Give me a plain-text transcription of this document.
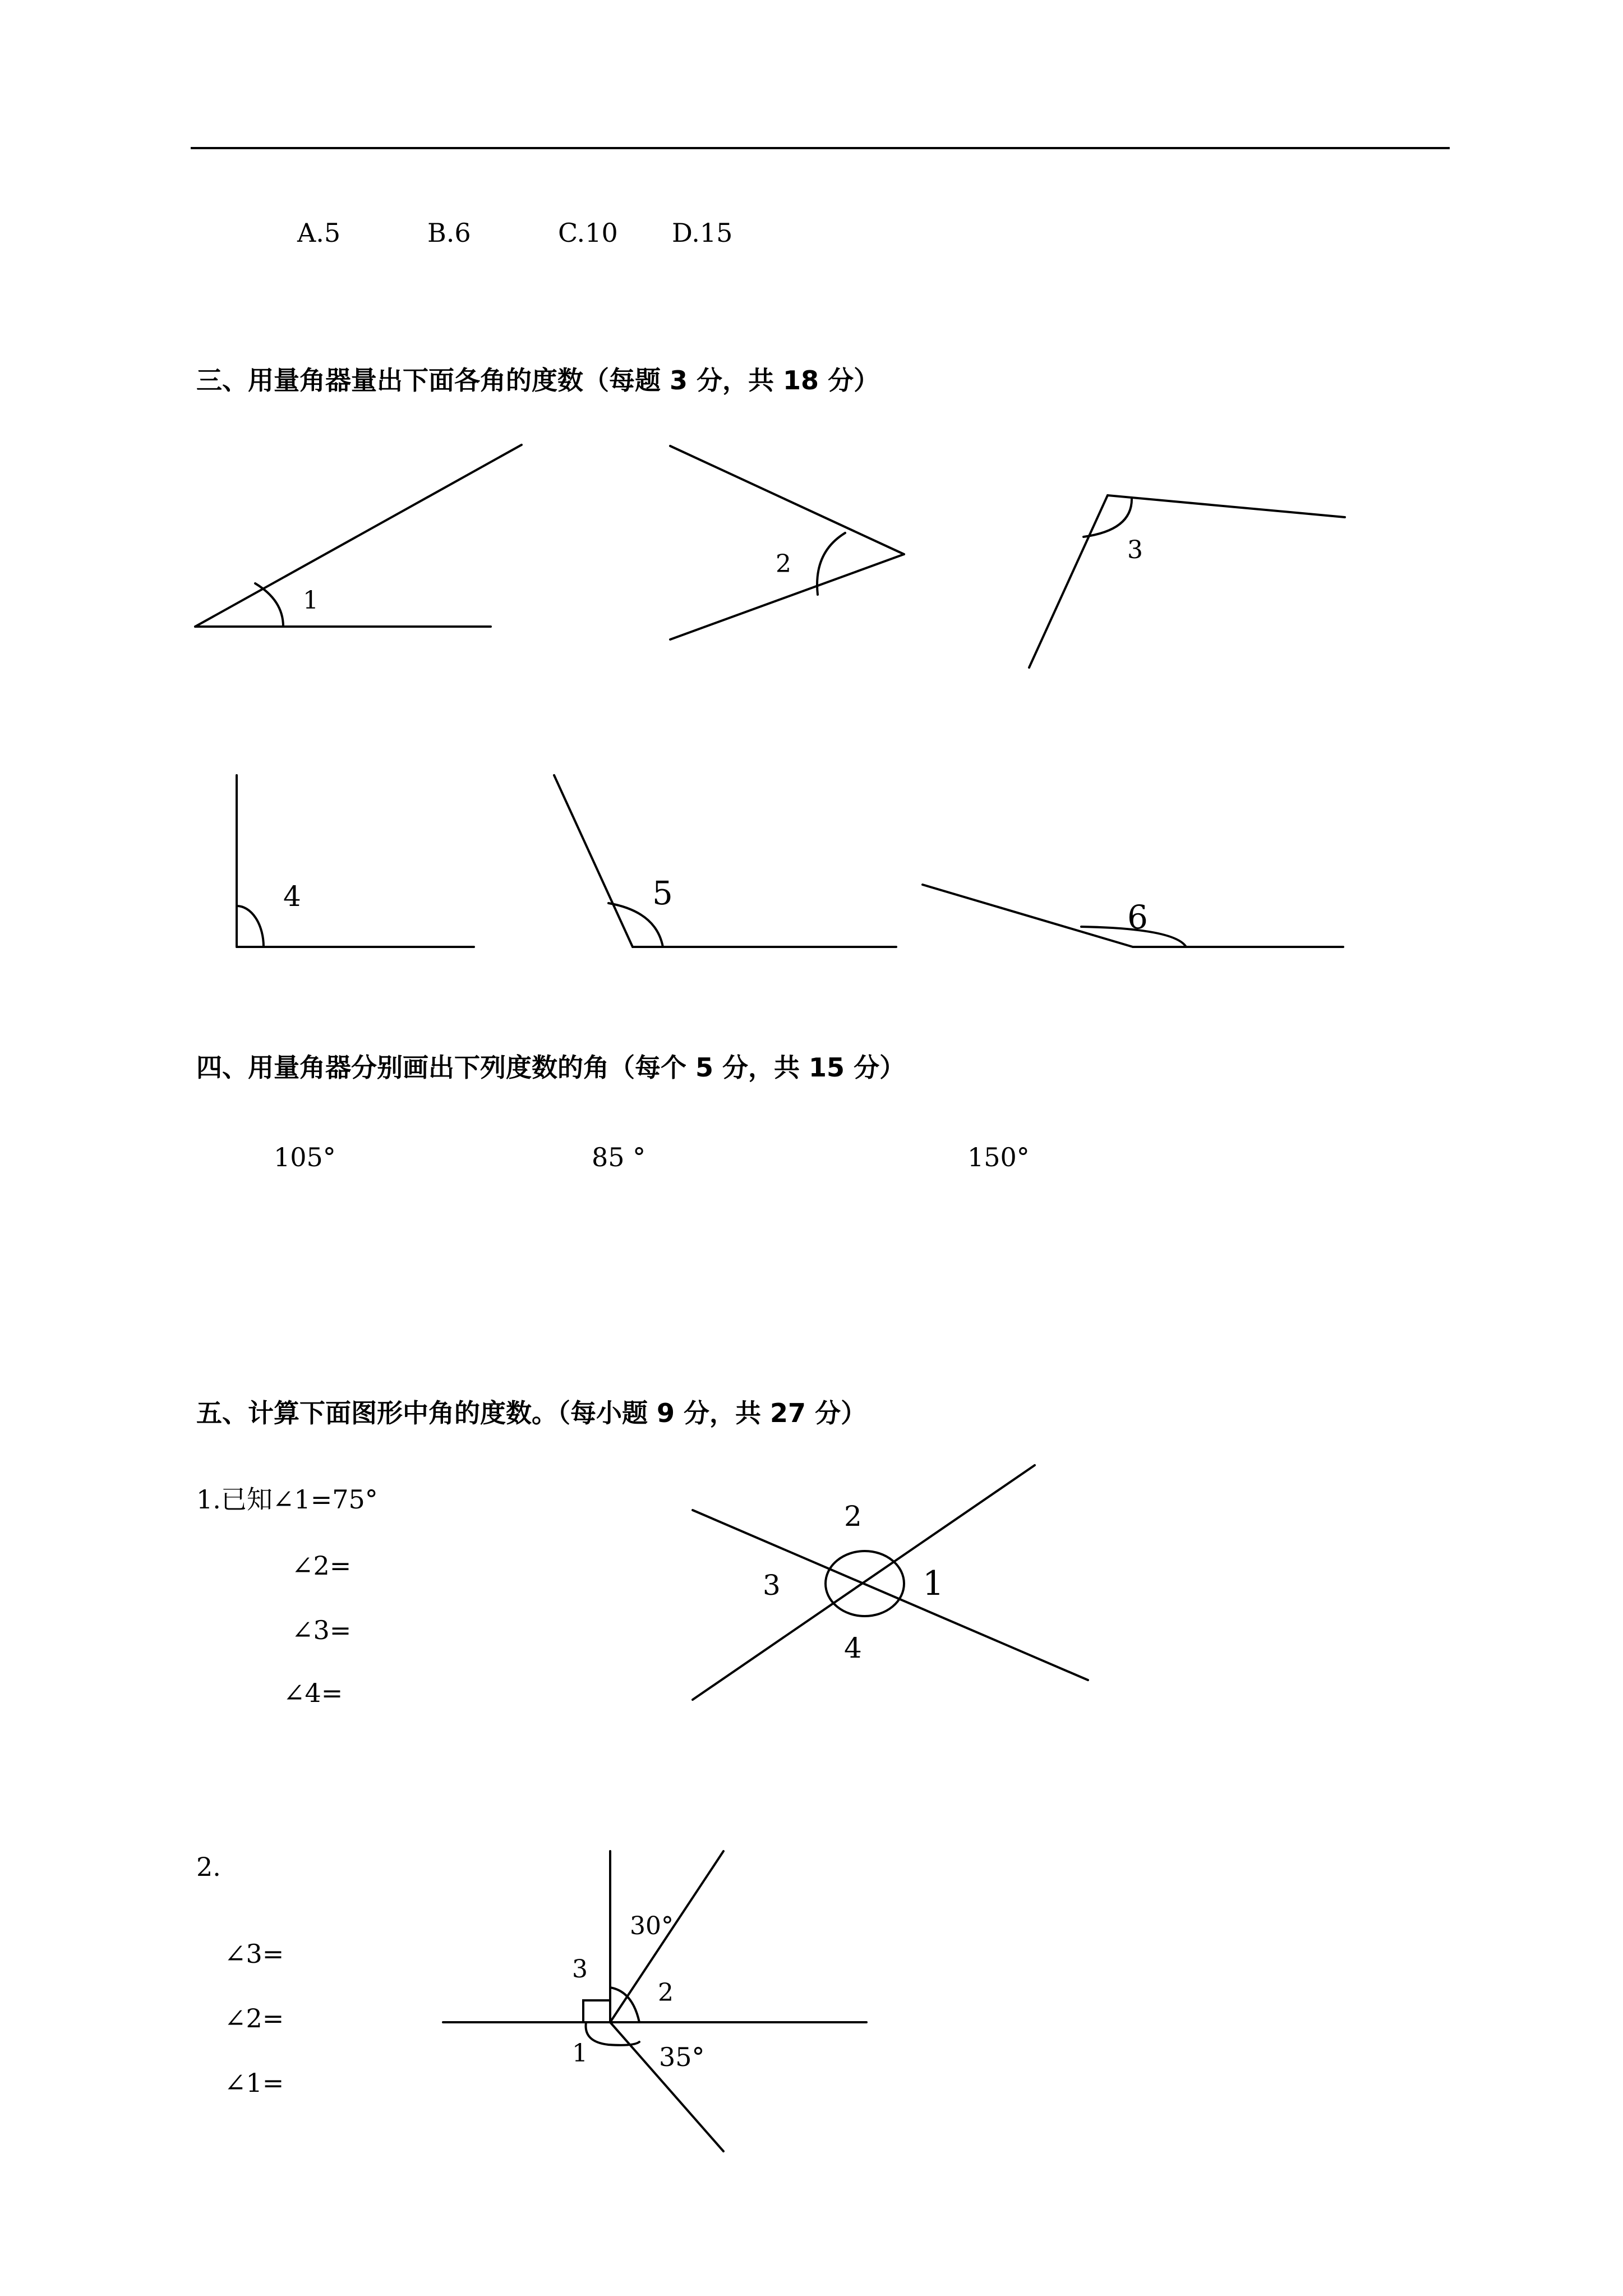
A.5	B.6	C.10 D.15
三、用量角器量出下面各角的度数（每题 3 分，共 18 分）
四、用量角器分别画出下列度数的角（每个 5 分，共 15 分）
五、计算下面图形中角的度数。（每小题 9 分，共 27 分）
105°	85 °	150°
1.已知∠1=75°
∠2=
∠3=
∠4=
2.
∠3=
∠2=
∠1=
1
2	3
4	5
6
2
3	1
4
30°
3
2
1	35°
